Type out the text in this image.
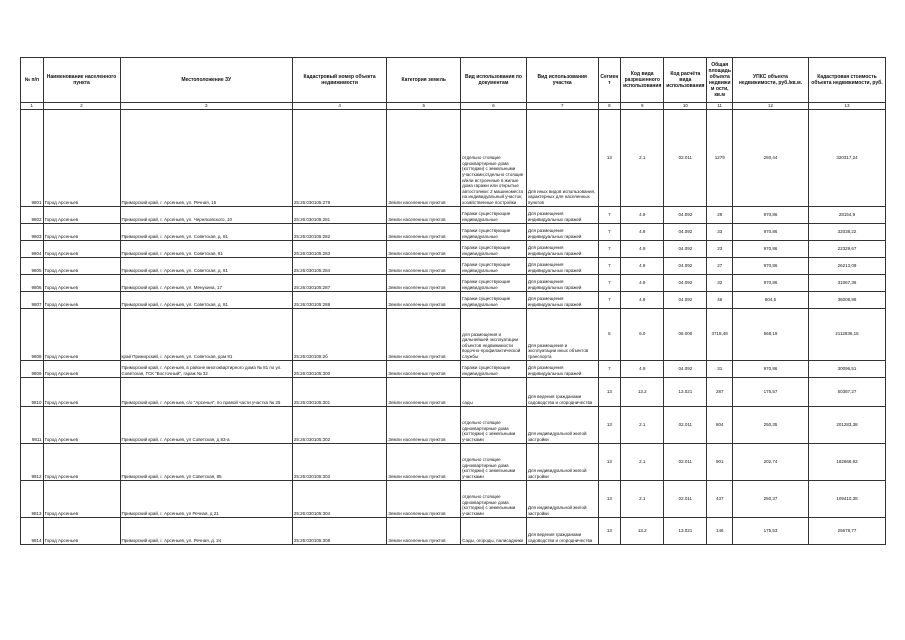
№ п/п	Наименование населенного пункта	Местоположение ЗУ	Кадастровый номер объекта недвижимости	Категория земель	Вид использования по документам	Вид использования участка	Сегмент	Код вида разрешенного использования	Код расчёта вида использования	Общая площадь объекта недвижим ости, кв.м	УПКС объекта недвижимости, руб./кв.м.	Кадастровая стоимость объекта недвижимости, руб.
1	2	3	4	5	6	7	8	9	10	11	12	13
9801	Город Арсеньев	Приморский край, г. Арсеньев, ул. Речная, 15	25:26:030105:279	Земли населенных пунктов	отдельно стоящие одноквартирные дома (коттеджи) с земельными участками;отдельно стоящие и/или встроенные в жилые дома гаражи или открытые автостоянки: 2 машиноместа на индивидуальный участок; хозяйственные постройки	Для иных видов использования, характерных для населенных пунктов	13	2.1	02.011	1279	250,44	320317,24
9802	Город Арсеньев	Приморский край, г. Арсеньев, ул. Черняховского, 10	25:26:030105:281	Земли населенных пунктов	Гаражи существующие индивидуальные	Для размещения индивидуальных гаражей	7	4.9	04.092	29	970,86	28154,9
9803	Город Арсеньев	Приморский край, г. Арсеньев, ул. Советская, д. 81	25:26:030105:282	Земли населенных пунктов	Гаражи существующие индивидуальные	Для размещения индивидуальных гаражей	7	4.9	04.092	33	970,86	32038,22
9804	Город Арсеньев	Приморский край, г. Арсеньев, ул. Советская, 81	25:26:030105:283	Земли населенных пунктов	Гаражи существующие индивидуальные	Для размещения индивидуальных гаражей	7	4.9	04.092	23	970,86	22329,67
9805	Город Арсеньев	Приморский край, г. Арсеньев, ул. Советская, д. 81	25:26:030105:284	Земли населенных пунктов	Гаражи существующие индивидуальные	Для размещения индивидуальных гаражей	7	4.9	04.092	27	970,86	26213,09
9806	Город Арсеньев	Приморский край, г. Арсеньев, ул. Менухина, 17	25:26:030105:287	Земли населенных пунктов	Гаражи существующие индивидуальные	Для размещения индивидуальных гаражей	7	4.9	04.092	32	970,86	31067,36
9807	Город Арсеньев	Приморский край, г. Арсеньев, ул. Советская, д. 81	25:26:030105:288	Земли населенных пунктов	Гаражи существующие индивидуальные	Для размещения индивидуальных гаражей	7	4.9	04.092	46	804,5	36008,88
9808	Город Арсеньев	край Приморский, г. Арсеньев, ул. Советская, дом 81	25:26:030105:2б	Земли населенных пунктов	для размещения и дальнейшей эксплуатации объектов недвижимости водочно-профилактической службы	Для размещения и эксплуатации иных объектов транспорта	6	6.0	06.000	3718,48	568,19	2112836,16
9809	Город Арсеньев	Приморский край, г. Арсеньев, в районе многоквартирного дома № 81 по ул. Советская, ГСК "Восточный", гараж № 32	25:26:030105:300	Земли населенных пунктов	Гаражи существующие индивидуальные	Для размещения индивидуальных гаражей	7	4.9	04.092	31	970,86	30096,51
9810	Город Арсеньев	Приморский край, г. Арсеньев, с/о "Арсенья", по правой части участка № 25	25:26:030105:301	Земли населенных пунктов	сады	Для ведения гражданами садоводства и огородничества	13	13.2	13.021	287	175,57	50387,27
9811	Город Арсеньев	Приморский край, г. Арсеньев, ул Советская, д 83-а	25:26:030105:302	Земли населенных пунктов	отдельно стоящие одноквартирные дома (коттеджи) с земельными участками	Для индивидуальной жилой застройки	13	2.1	02.011	804	250,35	201283,38
9812	Город Арсеньев	Приморский край, г. Арсеньев, ул Советская, 85	25:26:030105:303	Земли населенных пунктов	отдельно стоящие одноквартирные дома (коттеджи) с земельными участками	Для индивидуальной жилой застройки	13	2.1	02.011	901	202,74	182668,92
9813	Город Арсеньев	Приморский край, г. Арсеньев, ул Речная, д 21	25:26:030105:304	Земли населенных пунктов	отдельно стоящие одноквартирные дома (коттеджи) с земельными участками	Для индивидуальной жилой застройки	13	2.1	02.011	437	250,37	109410,38
9814	Город Арсеньев	Приморский край, г. Арсеньев, ул. Речная, д. 24	25:26:030105:308	Земли населенных пунктов	Сады, огороды, палисадники	Для ведения гражданами садоводства и огородничества	13	13.2	13.021	146	175,53	25678,77
